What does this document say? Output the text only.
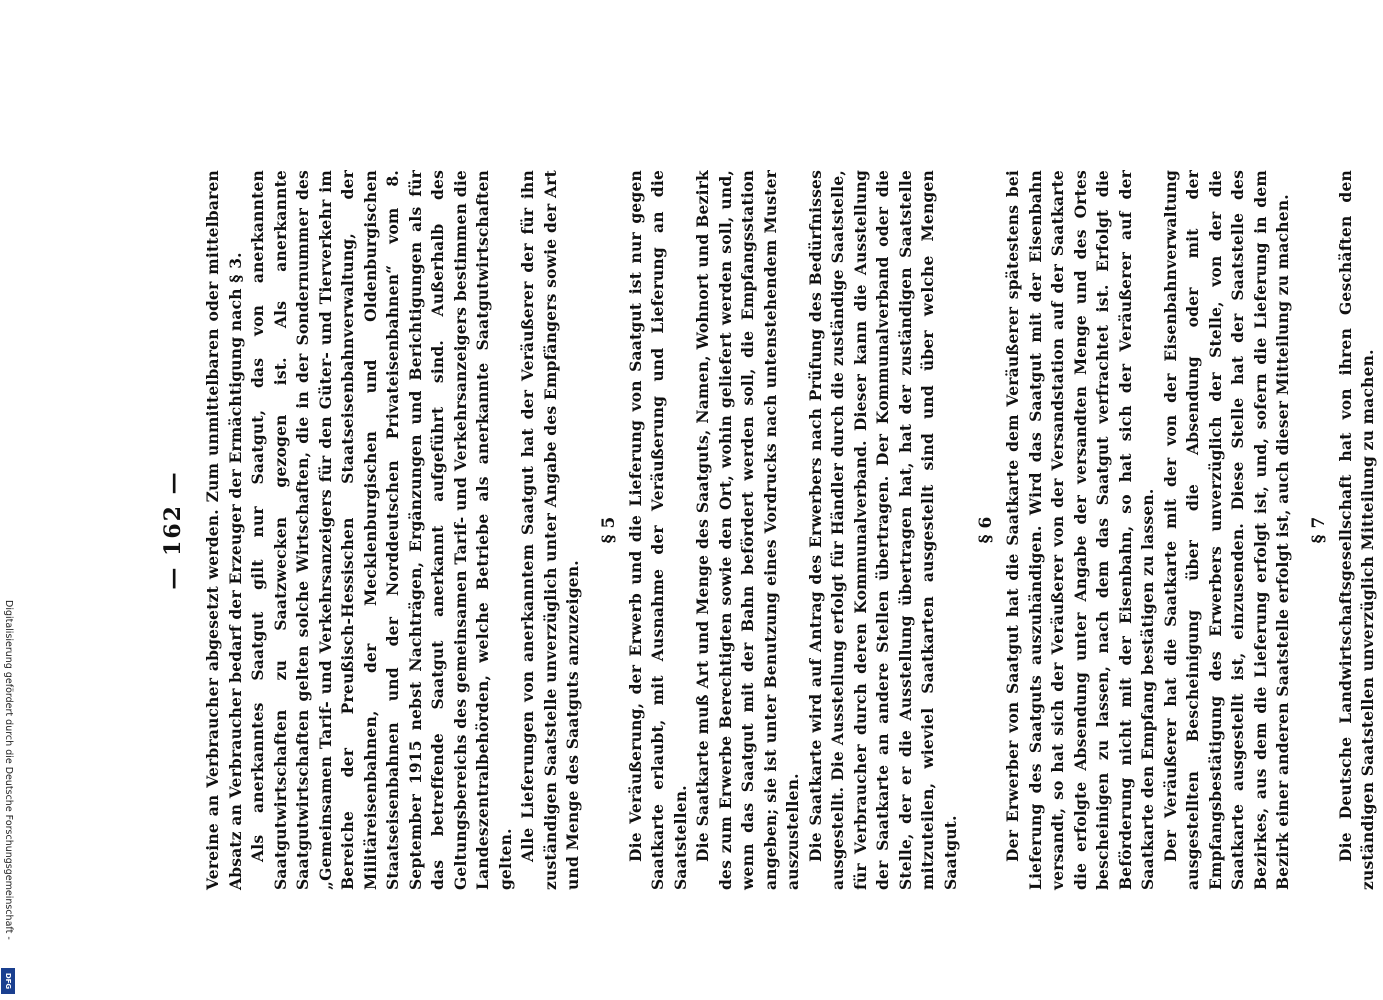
— 162 — Vereine an Verbraucher abgesetzt werden. Zum unmittelbaren oder mittelbaren Absatz an Verbraucher bedarf der Erzeuger der Ermächtigung nach § 3. Als anerkanntes Saatgut gilt nur Saatgut, das von anerkannten Saatgutwirtschaften zu Saatzwecken gezogen ist. Als anerkannte Saatgutwirtschaften gelten solche Wirtschaften, die in der Sondernummer des „Gemeinsamen Tarif- und Verkehrsanzeigers für den Güter- und Tierverkehr im Bereiche der Preußisch-Hessischen Staatseisenbahnverwaltung, der Militäreisenbahnen, der Mecklenburgischen und Oldenburgischen Staatseisenbahnen und der Norddeutschen Privateisenbahnen“ vom 8. September 1915 nebst Nachträgen, Ergänzungen und Berichtigungen als für das betreffende Saatgut anerkannt aufgeführt sind. Außerhalb des Geltungsbereichs des gemeinsamen Tarif- und Verkehrsanzeigers bestimmen die Landeszentralbehörden, welche Betriebe als anerkannte Saatgutwirtschaften gelten. Alle Lieferungen von anerkanntem Saatgut hat der Veräußerer der für ihn zuständigen Saatstelle unverzüglich unter Angabe des Empfängers sowie der Art und Menge des Saatguts anzuzeigen.

§ 5 Die Veräußerung, der Erwerb und die Lieferung von Saatgut ist nur gegen Saatkarte erlaubt, mit Ausnahme der Veräußerung und Lieferung an die Saatstellen. Die Saatkarte muß Art und Menge des Saatguts, Namen, Wohnort und Bezirk des zum Erwerbe Berechtigten sowie den Ort, wohin geliefert werden soll, und, wenn das Saatgut mit der Bahn befördert werden soll, die Empfangsstation angeben; sie ist unter Benutzung eines Vordrucks nach untenstehendem Muster auszustellen. Die Saatkarte wird auf Antrag des Erwerbers nach Prüfung des Bedürfnisses ausgestellt. Die Ausstellung erfolgt für Händler durch die zuständige Saatstelle, für Verbraucher durch deren Kommunalverband. Dieser kann die Ausstellung der Saatkarte an andere Stellen übertragen. Der Kommunalverband oder die Stelle, der er die Ausstellung übertragen hat, hat der zuständigen Saatstelle mitzuteilen, wieviel Saatkarten ausgestellt sind und über welche Mengen Saatgut.

§ 6 Der Erwerber von Saatgut hat die Saatkarte dem Veräußerer spätestens bei Lieferung des Saatguts auszuhändigen. Wird das Saatgut mit der Eisenbahn versandt, so hat sich der Veräußerer von der Versandstation auf der Saatkarte die erfolgte Absendung unter Angabe der versandten Menge und des Ortes bescheinigen zu lassen, nach dem das Saatgut verfrachtet ist. Erfolgt die Beförderung nicht mit der Eisenbahn, so hat sich der Veräußerer auf der Saatkarte den Empfang bestätigen zu lassen. Der Veräußerer hat die Saatkarte mit der von der Eisenbahnverwaltung ausgestellten Bescheinigung über die Absendung oder mit der Empfangsbestätigung des Erwerbers unverzüglich der Stelle, von der die Saatkarte ausgestellt ist, einzusenden. Diese Stelle hat der Saatstelle des Bezirkes, aus dem die Lieferung erfolgt ist, und, sofern die Lieferung in dem Bezirk einer anderen Saatstelle erfolgt ist, auch dieser Mitteilung zu machen. § 7 Die Deutsche Landwirtschaftsgesellschaft hat von ihren Geschäften den zuständigen Saatstellen unverzüglich Mitteilung zu machen.

Digitalisierung gefördert durch die Deutsche Forschungsgemeinschaft -
DFG
